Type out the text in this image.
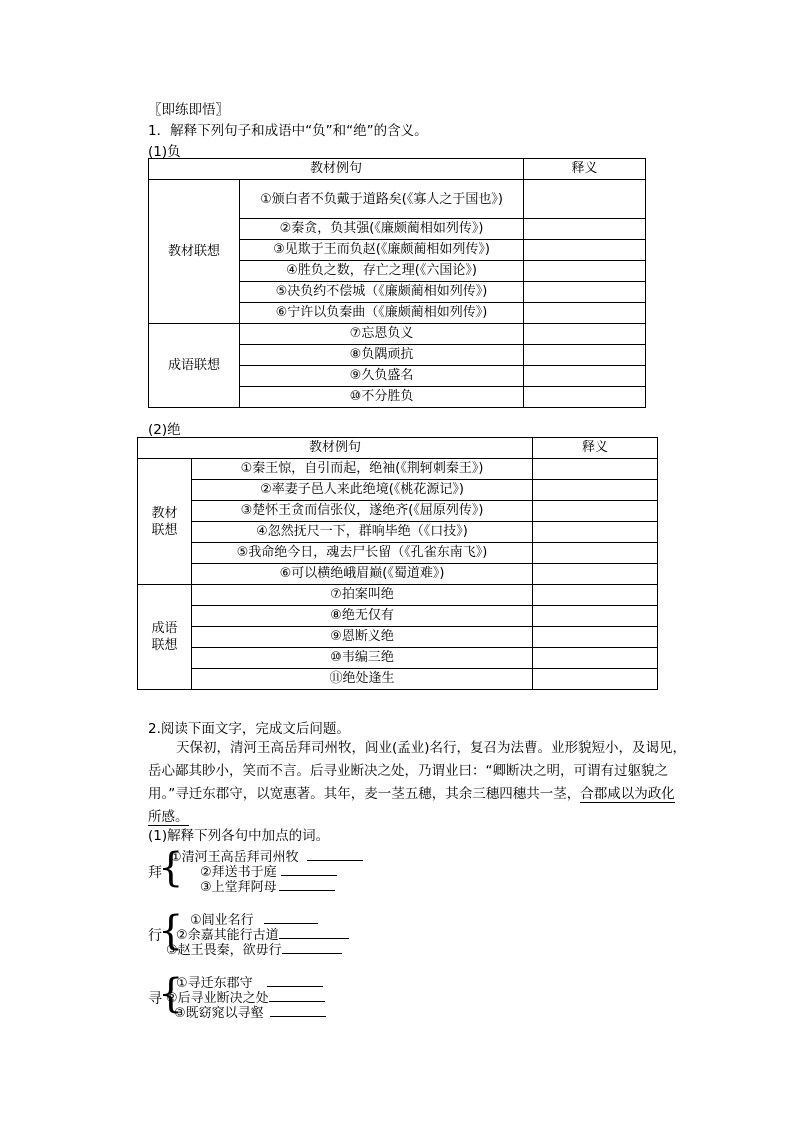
〖即练即悟〗
1．解释下列句子和成语中“负”和“绝”的含义。
(1)负
教材例句		释义
教材联想	①颁白者不负戴于道路矣(《寡人之于国也》)	
	②秦贪，负其强(《廉颇蔺相如列传》)	
	③见欺于王而负赵(《廉颇蔺相如列传》)	
	④胜负之数，存亡之理(《六国论》)	
	⑤决负约不偿城（《廉颇蔺相如列传》)	
	⑥宁许以负秦曲（《廉颇蔺相如列传》)	
成语联想	⑦忘恩负义	
	⑧负隅顽抗	
	⑨久负盛名	
	⑩不分胜负	
(2)绝
教材例句		释义
教材联想	①秦王惊，自引而起，绝袖(《荆轲刺秦王》)	
	②率妻子邑人来此绝境(《桃花源记》)	
	③楚怀王贪而信张仪，遂绝齐(《屈原列传》)	
	④忽然抚尺一下，群响毕绝（《口技》)	
	⑤我命绝今日，魂去尸长留（《孔雀东南飞》)	
	⑥可以横绝峨眉巅(《蜀道难》)	
成语联想	⑦拍案叫绝	
	⑧绝无仅有	
	⑨恩断义绝	
	⑩韦编三绝	
	⑪绝处逢生	
2.阅读下面文字，完成文后问题。
天保初，清河王高岳拜司州牧，闾业(孟业)名行，复召为法曹。业形貌短小，及谒见，岳心鄙其眇小，笑而不言。后寻业断决之处，乃谓业曰：“卿断决之明，可谓有过躯貌之用。”寻迁东郡守，以宽惠著。其年，麦一茎五穗，其余三穗四穗共一茎，合郡咸以为政化所感。
(1)解释下列各句中加点的词。
拜
{
①清河王高岳拜司州牧
②拜送书于庭
③上堂拜阿母
行
{ ①闾业名行
②余嘉其能行古道
③赵王畏秦，欲毋行
寻
{
①寻迁东郡守
②后寻业断决之处
③既窈窕以寻壑
